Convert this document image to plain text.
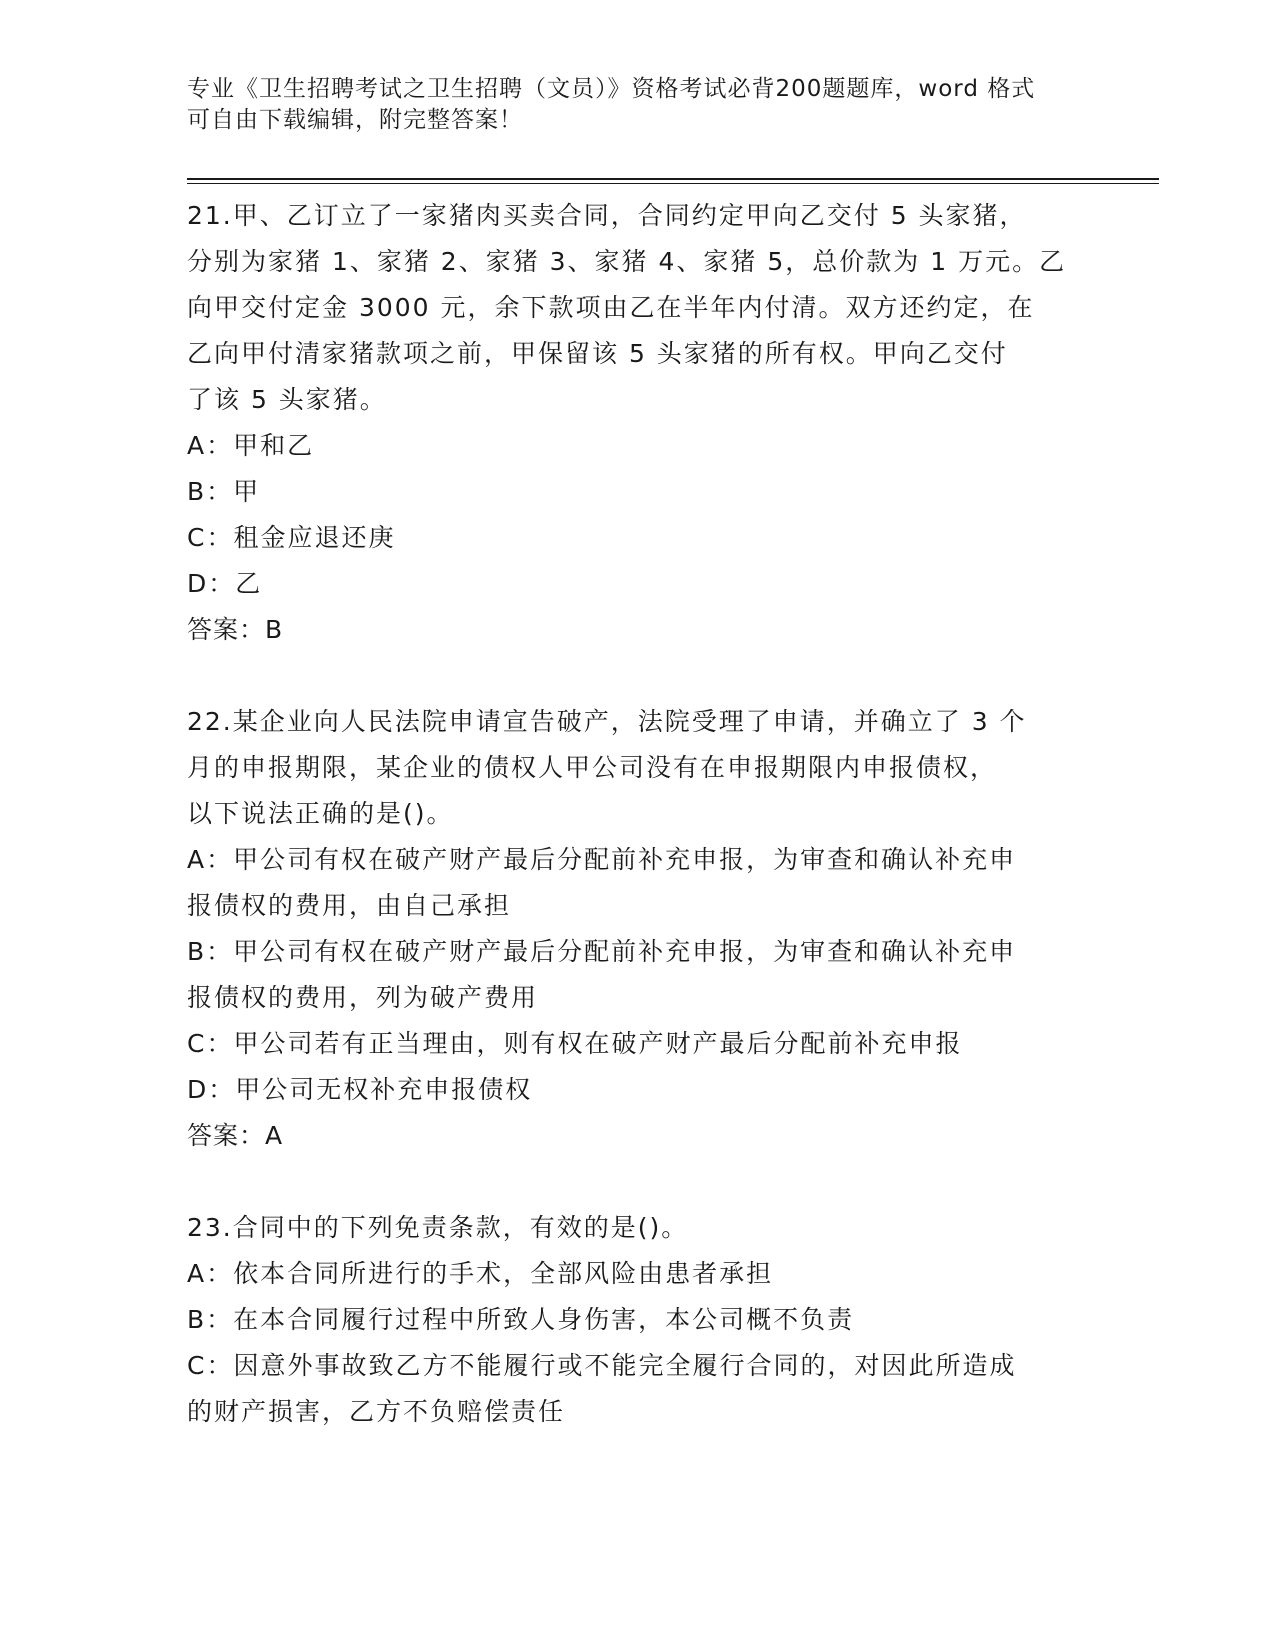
专业《卫生招聘考试之卫生招聘（文员）》资格考试必背200题题库，word 格式
可自由下载编辑，附完整答案！
21.甲、乙订立了一家猪肉买卖合同，合同约定甲向乙交付 5 头家猪，
分别为家猪 1、家猪 2、家猪 3、家猪 4、家猪 5，总价款为 1 万元。乙
向甲交付定金 3000 元，余下款项由乙在半年内付清。双方还约定，在
乙向甲付清家猪款项之前，甲保留该 5 头家猪的所有权。甲向乙交付
了该 5 头家猪。
A：甲和乙
B：甲
C：租金应退还庚
D：乙
答案：B
22.某企业向人民法院申请宣告破产，法院受理了申请，并确立了 3 个
月的申报期限，某企业的债权人甲公司没有在申报期限内申报债权，
以下说法正确的是()。
A：甲公司有权在破产财产最后分配前补充申报，为审查和确认补充申
报债权的费用，由自己承担
B：甲公司有权在破产财产最后分配前补充申报，为审查和确认补充申
报债权的费用，列为破产费用
C：甲公司若有正当理由，则有权在破产财产最后分配前补充申报
D：甲公司无权补充申报债权
答案：A
23.合同中的下列免责条款，有效的是()。
A：依本合同所进行的手术，全部风险由患者承担
B：在本合同履行过程中所致人身伤害，本公司概不负责
C：因意外事故致乙方不能履行或不能完全履行合同的，对因此所造成
的财产损害，乙方不负赔偿责任
